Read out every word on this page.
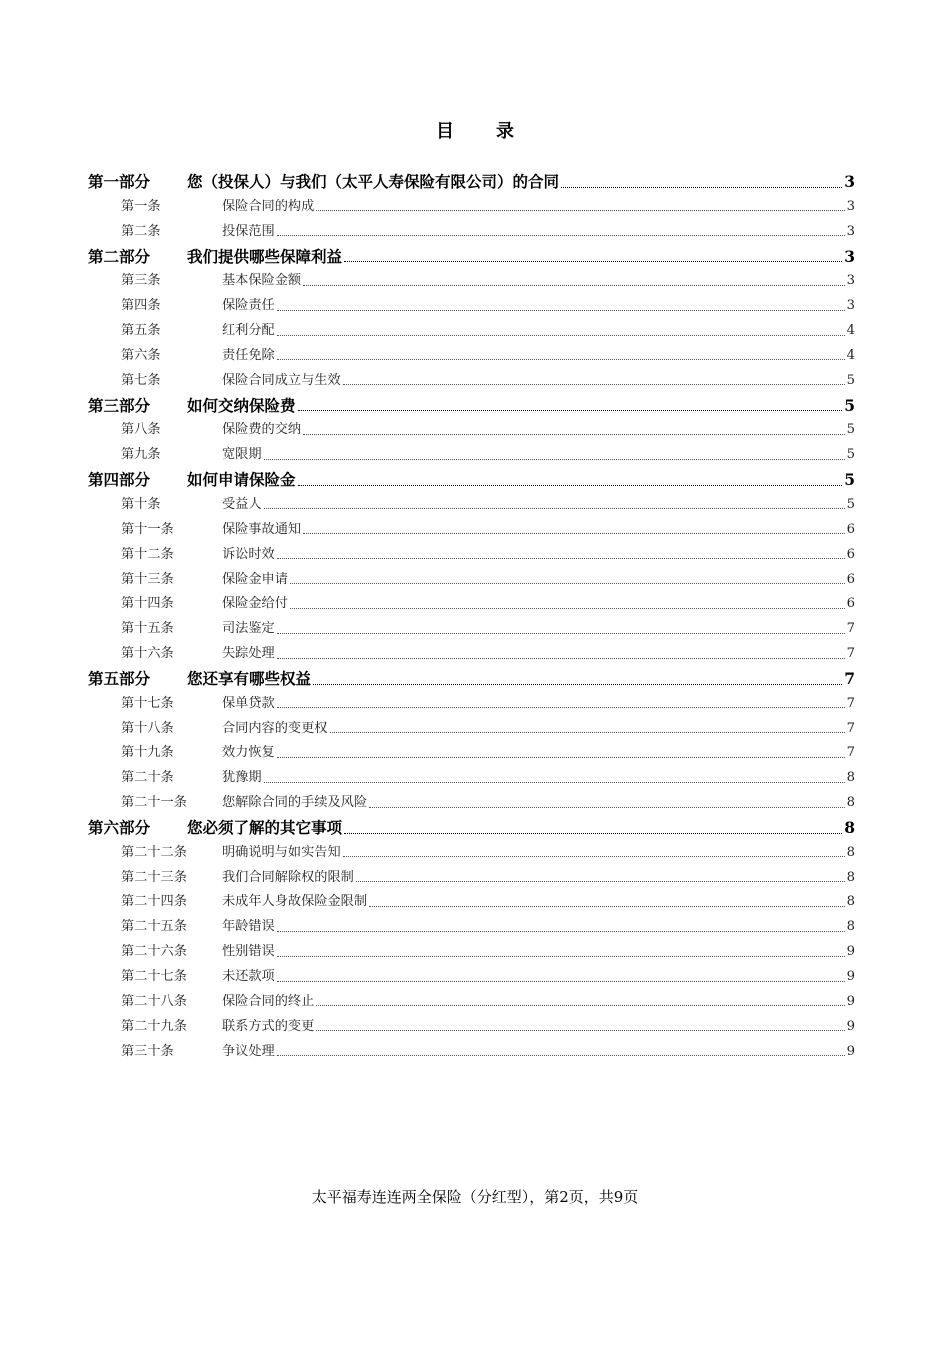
目 录
第一部分	您（投保人）与我们（太平人寿保险有限公司）的合同	3
第一条	保险合同的构成	3
第二条	投保范围	3
第二部分	我们提供哪些保障利益	3
第三条	基本保险金额	3
第四条	保险责任	3
第五条	红利分配	4
第六条	责任免除	4
第七条	保险合同成立与生效	5
第三部分	如何交纳保险费	5
第八条	保险费的交纳	5
第九条	宽限期	5
第四部分	如何申请保险金	5
第十条	受益人	5
第十一条	保险事故通知	6
第十二条	诉讼时效	6
第十三条	保险金申请	6
第十四条	保险金给付	6
第十五条	司法鉴定	7
第十六条	失踪处理	7
第五部分	您还享有哪些权益	7
第十七条	保单贷款	7
第十八条	合同内容的变更权	7
第十九条	效力恢复	7
第二十条	犹豫期	8
第二十一条	您解除合同的手续及风险	8
第六部分	您必须了解的其它事项	8
第二十二条	明确说明与如实告知	8
第二十三条	我们合同解除权的限制	8
第二十四条	未成年人身故保险金限制	8
第二十五条	年龄错误	8
第二十六条	性别错误	9
第二十七条	未还款项	9
第二十八条	保险合同的终止	9
第二十九条	联系方式的变更	9
第三十条	争议处理	9
太平福寿连连两全保险（分红型），第2页，共9页
